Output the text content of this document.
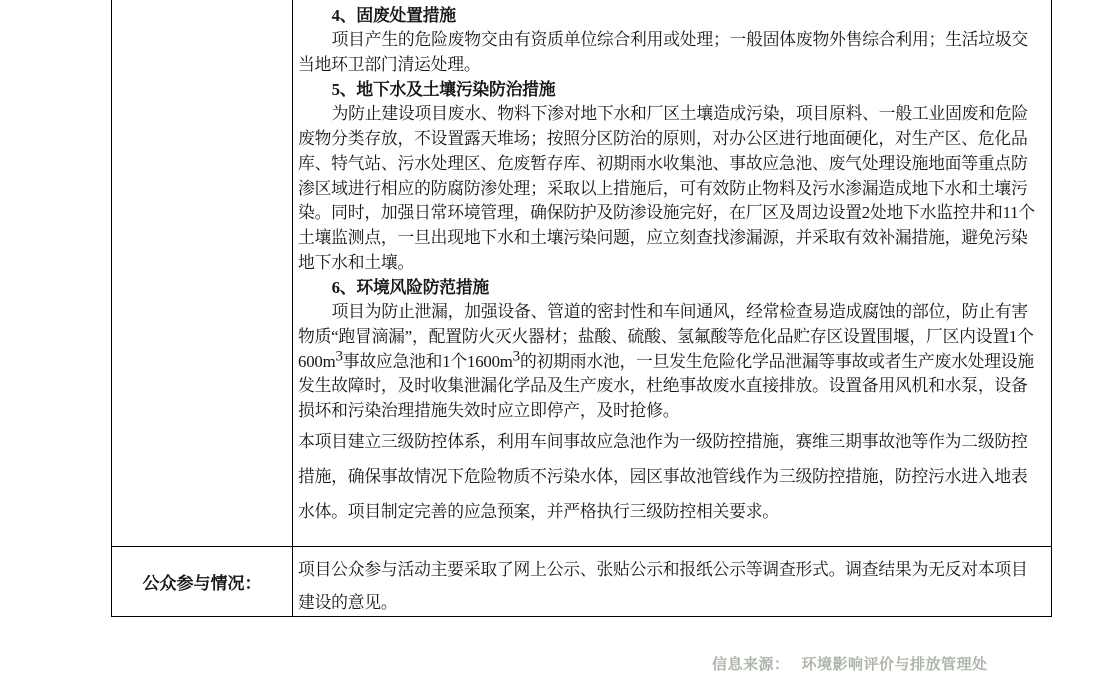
4、固废处置措施

项目产生的危险废物交由有资质单位综合利用或处理；一般固体废物外售综合利用；生活垃圾交当地环卫部门清运处理。

5、地下水及土壤污染防治措施

为防止建设项目废水、物料下渗对地下水和厂区土壤造成污染，项目原料、一般工业固废和危险废物分类存放，不设置露天堆场；按照分区防治的原则，对办公区进行地面硬化，对生产区、危化品库、特气站、污水处理区、危废暂存库、初期雨水收集池、事故应急池、废气处理设施地面等重点防渗区域进行相应的防腐防渗处理；采取以上措施后，可有效防止物料及污水渗漏造成地下水和土壤污染。同时，加强日常环境管理，确保防护及防渗设施完好，在厂区及周边设置2处地下水监控井和11个土壤监测点，一旦出现地下水和土壤污染问题，应立刻查找渗漏源，并采取有效补漏措施，避免污染地下水和土壤。

6、环境风险防范措施

项目为防止泄漏，加强设备、管道的密封性和车间通风，经常检查易造成腐蚀的部位，防止有害物质“跑冒滴漏”，配置防火灭火器材；盐酸、硫酸、氢氟酸等危化品贮存区设置围堰，厂区内设置1个$600m^3$事故应急池和1个$1600m^3$的初期雨水池，一旦发生危险化学品泄漏等事故或者生产废水处理设施发生故障时，及时收集泄漏化学品及生产废水，杜绝事故废水直接排放。设置备用风机和水泵，设备损坏和污染治理措施失效时应立即停产，及时抢修。

本项目建立三级防控体系，利用车间事故应急池作为一级防控措施，赛维三期事故池等作为二级防控措施，确保事故情况下危险物质不污染水体，园区事故池管线作为三级防控措施，防控污水进入地表水体。项目制定完善的应急预案，并严格执行三级防控相关要求。

公众参与情况：

项目公众参与活动主要采取了网上公示、张贴公示和报纸公示等调查形式。调查结果为无反对本项目建设的意见。

信息来源： 环境影响评价与排放管理处
